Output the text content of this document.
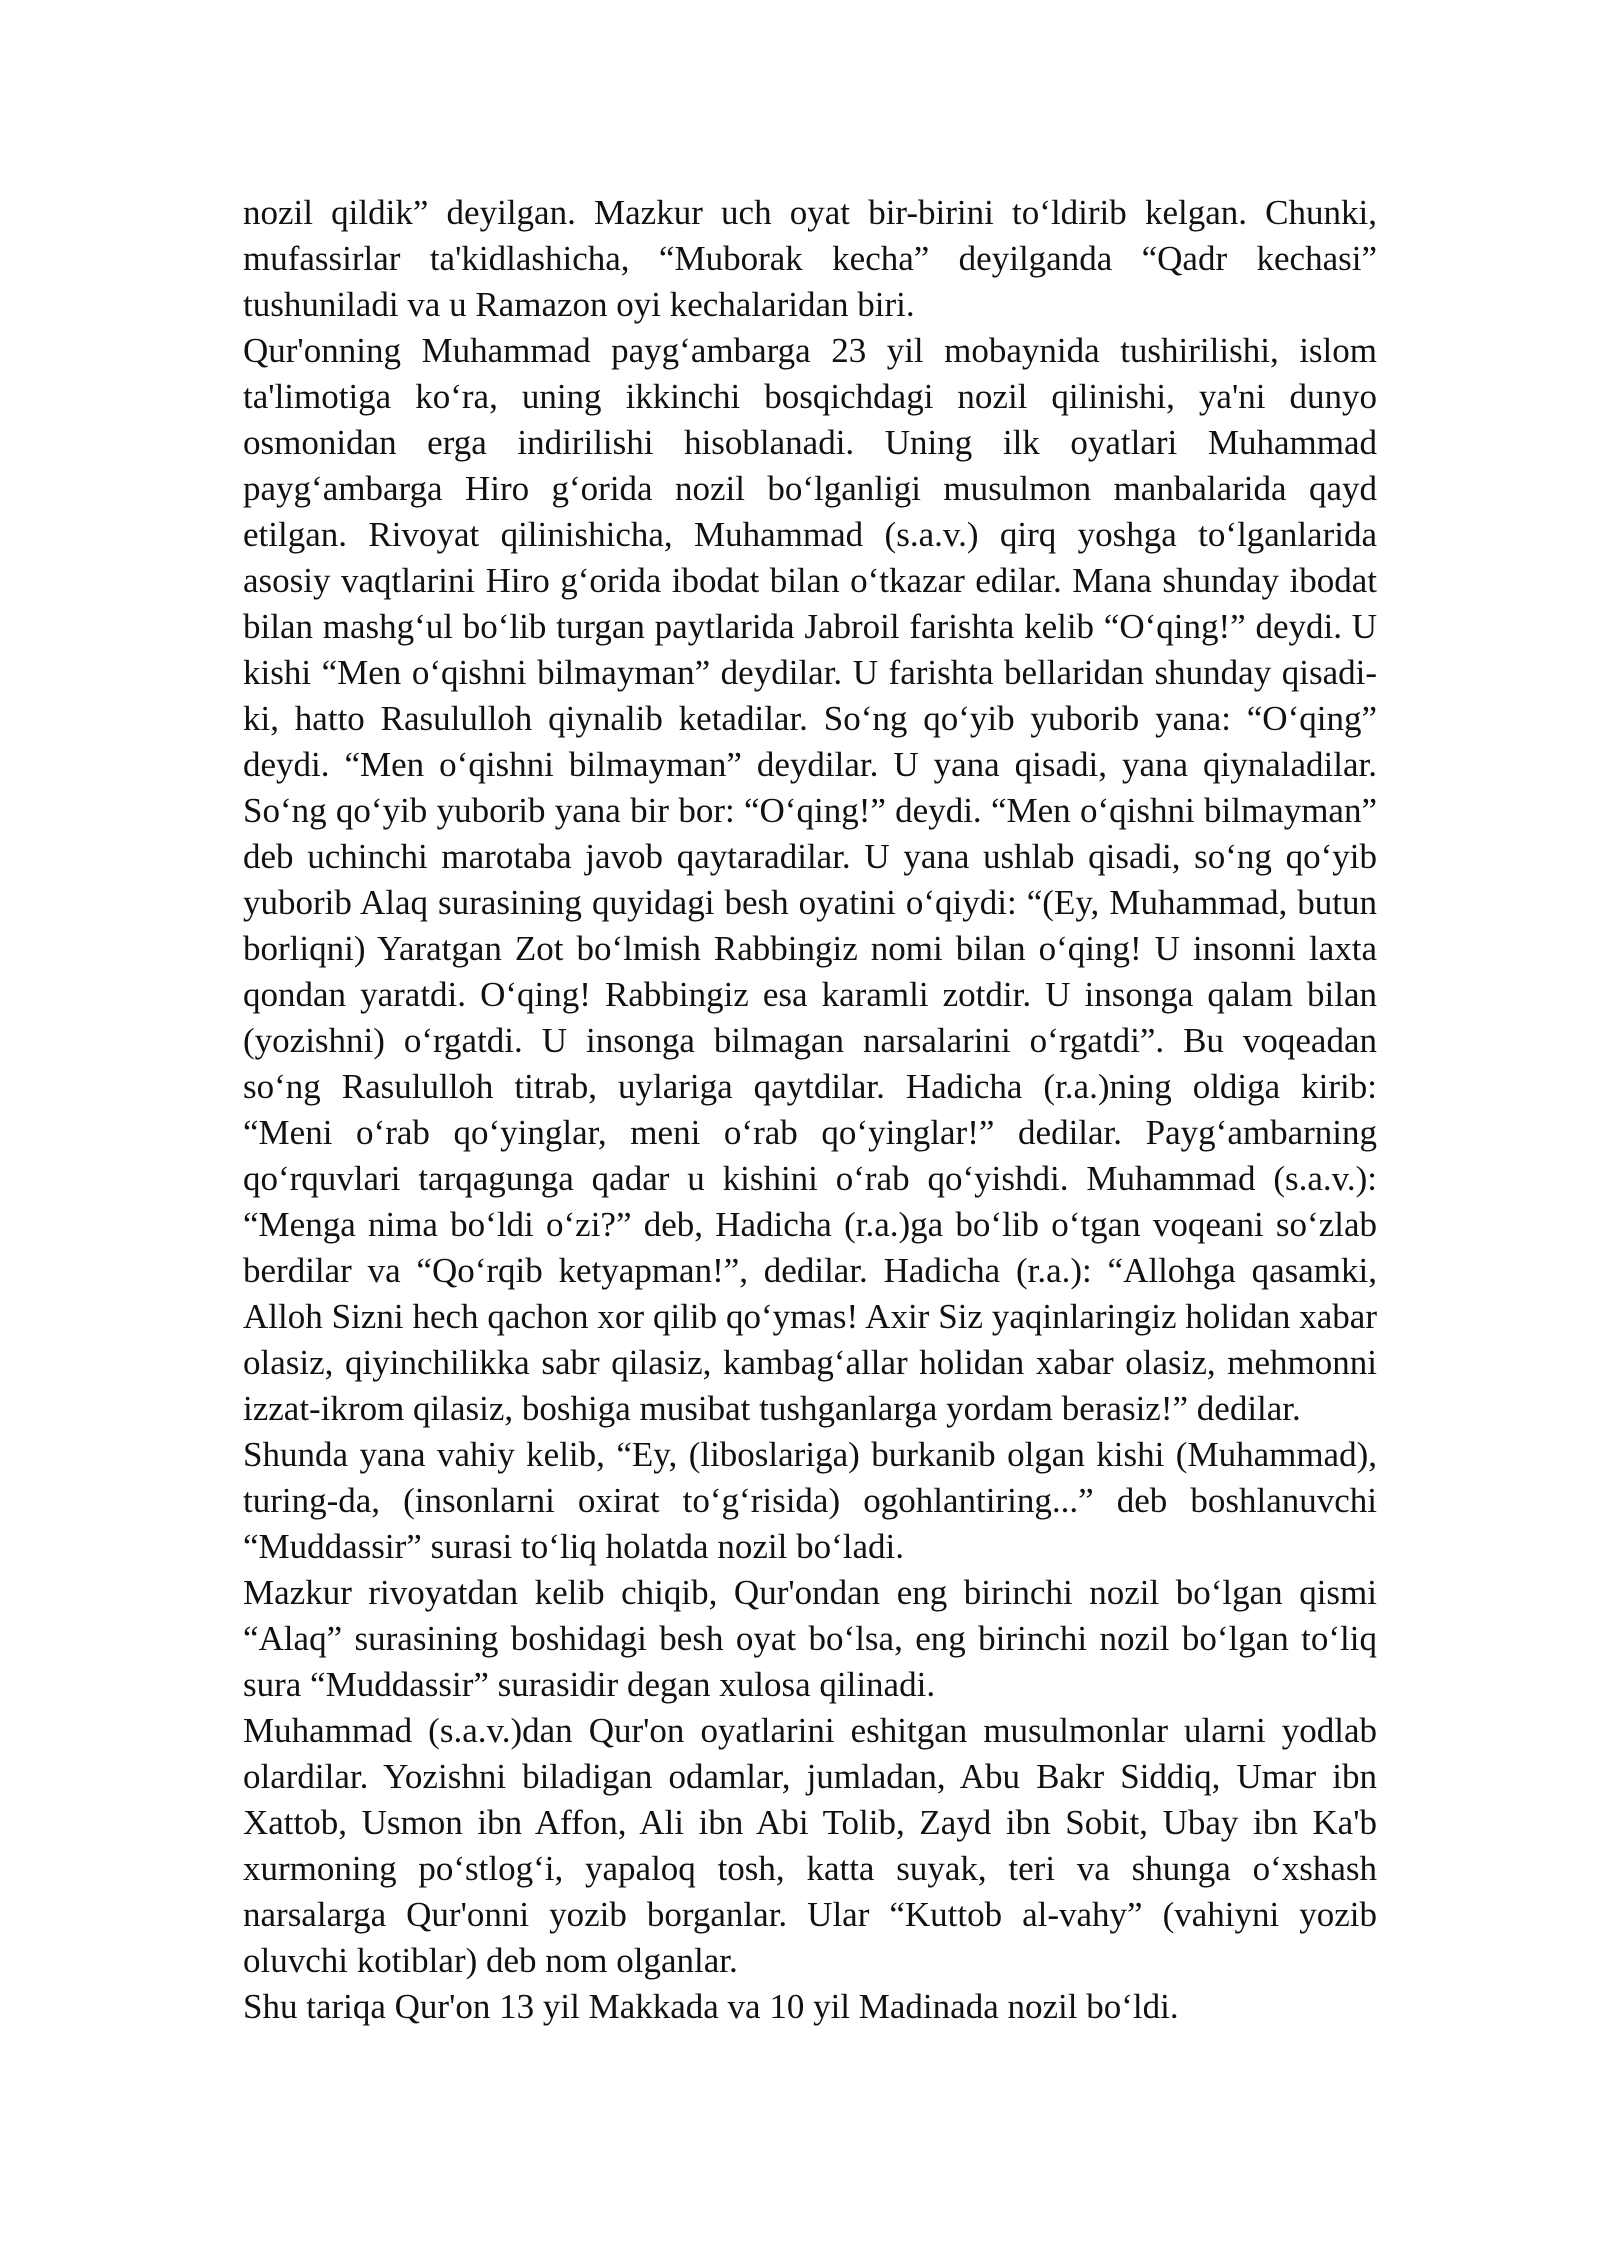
nozil qildik” deyilgan. Mazkur uch oyat bir-birini to‘ldirib kelgan. Chunki, mufassirlar ta'kidlashicha, “Muborak kecha” deyilganda “Qadr kechasi” tushuniladi va u Ramazon oyi kechalaridan biri.

Qur'onning Muhammad payg‘ambarga 23 yil mobaynida tushirilishi, islom ta'limotiga ko‘ra, uning ikkinchi bosqichdagi nozil qilinishi, ya'ni dunyo osmonidan erga indirilishi hisoblanadi. Uning ilk oyatlari Muhammad payg‘ambarga Hiro g‘orida nozil bo‘lganligi musulmon manbalarida qayd etilgan. Rivoyat qilinishicha, Muhammad (s.a.v.) qirq yoshga to‘lganlarida asosiy vaqtlarini Hiro g‘orida ibodat bilan o‘tkazar edilar. Mana shunday ibodat bilan mashg‘ul bo‘lib turgan paytlarida Jabroil farishta kelib “O‘qing!” deydi. U kishi “Men o‘qishni bilmayman” deydilar. U farishta bellaridan shunday qisadi-ki, hatto Rasululloh qiynalib ketadilar. So‘ng qo‘yib yuborib yana: “O‘qing” deydi. “Men o‘qishni bilmayman” deydilar. U yana qisadi, yana qiynaladilar. So‘ng qo‘yib yuborib yana bir bor: “O‘qing!” deydi. “Men o‘qishni bilmayman” deb uchinchi marotaba javob qaytaradilar. U yana ushlab qisadi, so‘ng qo‘yib yuborib Alaq surasining quyidagi besh oyatini o‘qiydi: “(Ey, Muhammad, butun borliqni) Yaratgan Zot bo‘lmish Rabbingiz nomi bilan o‘qing! U insonni laxta qondan yaratdi. O‘qing! Rabbingiz esa karamli zotdir. U insonga qalam bilan (yozishni) o‘rgatdi. U insonga bilmagan narsalarini o‘rgatdi”. Bu voqeadan so‘ng Rasululloh titrab, uylariga qaytdilar. Hadicha (r.a.)ning oldiga kirib: “Meni o‘rab qo‘yinglar, meni o‘rab qo‘yinglar!” dedilar. Payg‘ambarning qo‘rquvlari tarqagunga qadar u kishini o‘rab qo‘yishdi. Muhammad (s.a.v.): “Menga nima bo‘ldi o‘zi?” deb, Hadicha (r.a.)ga bo‘lib o‘tgan voqeani so‘zlab berdilar va “Qo‘rqib ketyapman!”, dedilar. Hadicha (r.a.): “Allohga qasamki, Alloh Sizni hech qachon xor qilib qo‘ymas! Axir Siz yaqinlaringiz holidan xabar olasiz, qiyinchilikka sabr qilasiz, kambag‘allar holidan xabar olasiz, mehmonni izzat-ikrom qilasiz, boshiga musibat tushganlarga yordam berasiz!” dedilar.

Shunda yana vahiy kelib, “Ey, (liboslariga) burkanib olgan kishi (Muhammad), turing-da, (insonlarni oxirat to‘g‘risida) ogohlantiring...” deb boshlanuvchi “Muddassir” surasi to‘liq holatda nozil bo‘ladi.

Mazkur rivoyatdan kelib chiqib, Qur'ondan eng birinchi nozil bo‘lgan qismi “Alaq” surasining boshidagi besh oyat bo‘lsa, eng birinchi nozil bo‘lgan to‘liq sura “Muddassir” surasidir degan xulosa qilinadi.

Muhammad (s.a.v.)dan Qur'on oyatlarini eshitgan musulmonlar ularni yodlab olardilar. Yozishni biladigan odamlar, jumladan, Abu Bakr Siddiq, Umar ibn Xattob, Usmon ibn Affon, Ali ibn Abi Tolib, Zayd ibn Sobit, Ubay ibn Ka'b xurmoning po‘stlog‘i, yapaloq tosh, katta suyak, teri va shunga o‘xshash narsalarga Qur'onni yozib borganlar. Ular “Kuttob al-vahy” (vahiyni yozib oluvchi kotiblar) deb nom olganlar.

Shu tariqa Qur'on 13 yil Makkada va 10 yil Madinada nozil bo‘ldi.
